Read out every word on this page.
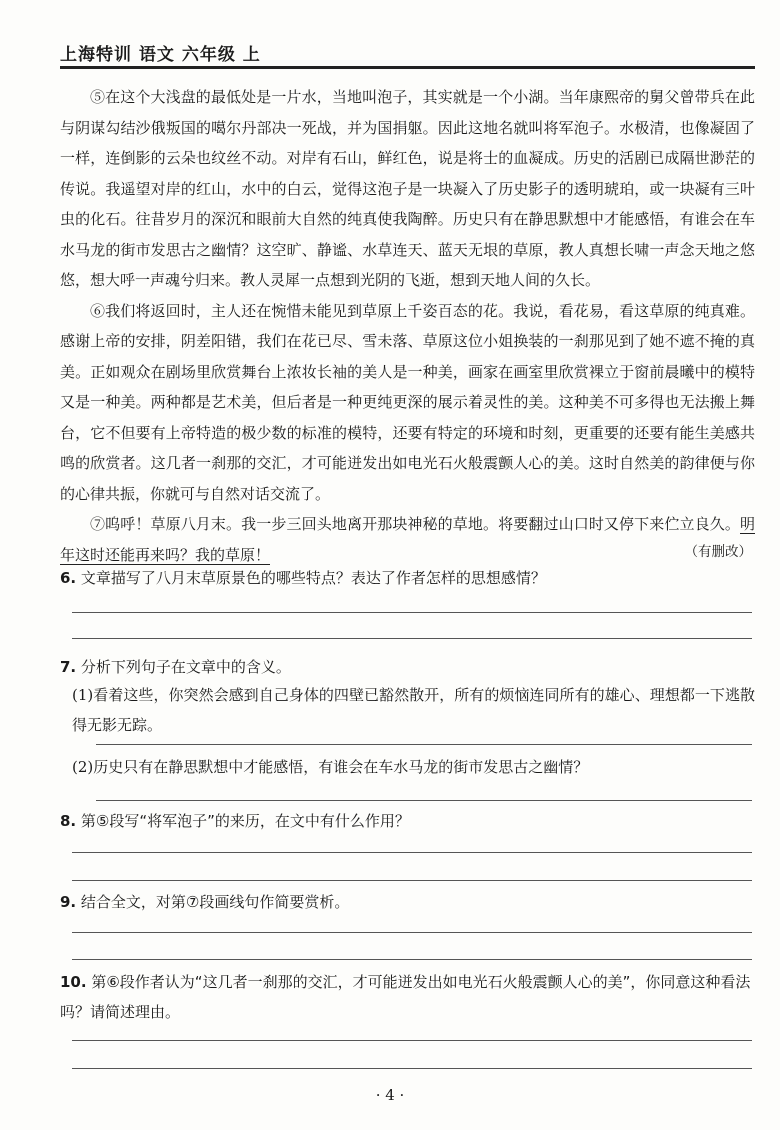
上海特训 语文 六年级 上

⑤在这个大浅盘的最低处是一片水，当地叫泡子，其实就是一个小湖。当年康熙帝的舅父曾带兵在此与阴谋勾结沙俄叛国的噶尔丹部决一死战，并为国捐躯。因此这地名就叫将军泡子。水极清，也像凝固了一样，连倒影的云朵也纹丝不动。对岸有石山，鲜红色，说是将士的血凝成。历史的活剧已成隔世渺茫的传说。我遥望对岸的红山，水中的白云，觉得这泡子是一块凝入了历史影子的透明琥珀，或一块凝有三叶虫的化石。往昔岁月的深沉和眼前大自然的纯真使我陶醉。历史只有在静思默想中才能感悟，有谁会在车水马龙的街市发思古之幽情？这空旷、静谧、水草连天、蓝天无垠的草原，教人真想长啸一声念天地之悠悠，想大呼一声魂兮归来。教人灵犀一点想到光阴的飞逝，想到天地人间的久长。

⑥我们将返回时，主人还在惋惜未能见到草原上千姿百态的花。我说，看花易，看这草原的纯真难。感谢上帝的安排，阴差阳错，我们在花已尽、雪未落、草原这位小姐换装的一刹那见到了她不遮不掩的真美。正如观众在剧场里欣赏舞台上浓妆长袖的美人是一种美，画家在画室里欣赏裸立于窗前晨曦中的模特又是一种美。两种都是艺术美，但后者是一种更纯更深的展示着灵性的美。这种美不可多得也无法搬上舞台，它不但要有上帝特造的极少数的标准的模特，还要有特定的环境和时刻，更重要的还要有能生美感共鸣的欣赏者。这几者一刹那的交汇，才可能迸发出如电光石火般震颤人心的美。这时自然美的韵律便与你的心律共振，你就可与自然对话交流了。

⑦呜呼！草原八月末。我一步三回头地离开那块神秘的草地。将要翻过山口时又停下来伫立良久。明年这时还能再来吗？我的草原！	（有删改）
6. 文章描写了八月末草原景色的哪些特点？表达了作者怎样的思想感情？
7. 分析下列句子在文章中的含义。
(1)看着这些，你突然会感到自己身体的四壁已豁然散开，所有的烦恼连同所有的雄心、理想都一下逃散得无影无踪。
(2)历史只有在静思默想中才能感悟，有谁会在车水马龙的街市发思古之幽情？
8. 第⑤段写“将军泡子”的来历，在文中有什么作用？
9. 结合全文，对第⑦段画线句作简要赏析。
10. 第⑥段作者认为“这几者一刹那的交汇，才可能迸发出如电光石火般震颤人心的美”，你同意这种看法吗？请简述理由。
· 4 ·
